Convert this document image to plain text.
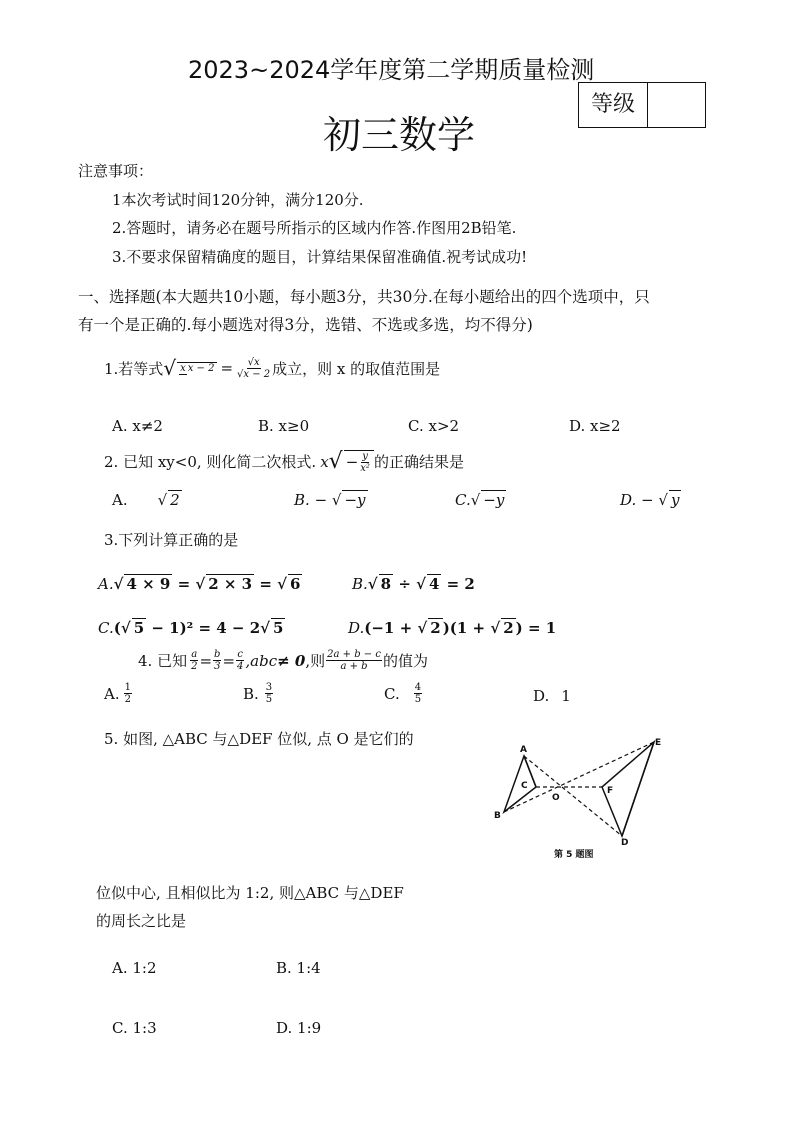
2023~2024学年度第二学期质量检测
初三数学
等级
注意事项：
1本次考试时间120分钟，满分120分.
2.答题时，请务必在题号所指示的区域内作答.作图用2B铅笔.
3.不要求保留精确度的题目，计算结果保留准确值.祝考试成功!
一、选择题(本大题共10小题，每小题3分，共30分.在每小题给出的四个选项中，只
有一个是正确的.每小题选对得3分，选错、不选或多选，均不得分)
1.若等式 √ x $x - 2 = \frac{√x}{√x - 2}$ 成立，则 x 的取值范围是
A. x≠2	B. x≥0	C. x>2	D. x≥2
2. 已知 xy<0, 则化简二次根式. x √ − $\frac{y}{\text{x²}}$ 的正确结果是
A. √ 2	B. − √ −y	C.√ −y	D. − √ y
3.下列计算正确的是
A.√ 4 × 9 = √ 2 × 3 = √ 6	B.√ 8 ÷ √ 4 = 2
C.(√ 5 − 1)² = 4 − 2√ 5	D.(−1 + √ 2 )(1 + √ 2 ) = 1
4. 已知 $\frac{a}{2} = \frac{b}{3} = \frac{c}{4} ,abc \ne 0$ ,则 $\frac{2a + b - c}{a + b}$ 的值为
A. $\frac{1}{2}$	B. $\frac{3}{5}$	C. $\frac{4}{5}$	D. 1
5. 如图, △ABC 与△DEF 位似, 点 O 是它们的
A
B
C
O
E
F
D
第 5 题图
位似中心, 且相似比为 1:2, 则△ABC 与△DEF
的周长之比是
A. 1:2	B. 1:4
C. 1:3	D. 1:9
